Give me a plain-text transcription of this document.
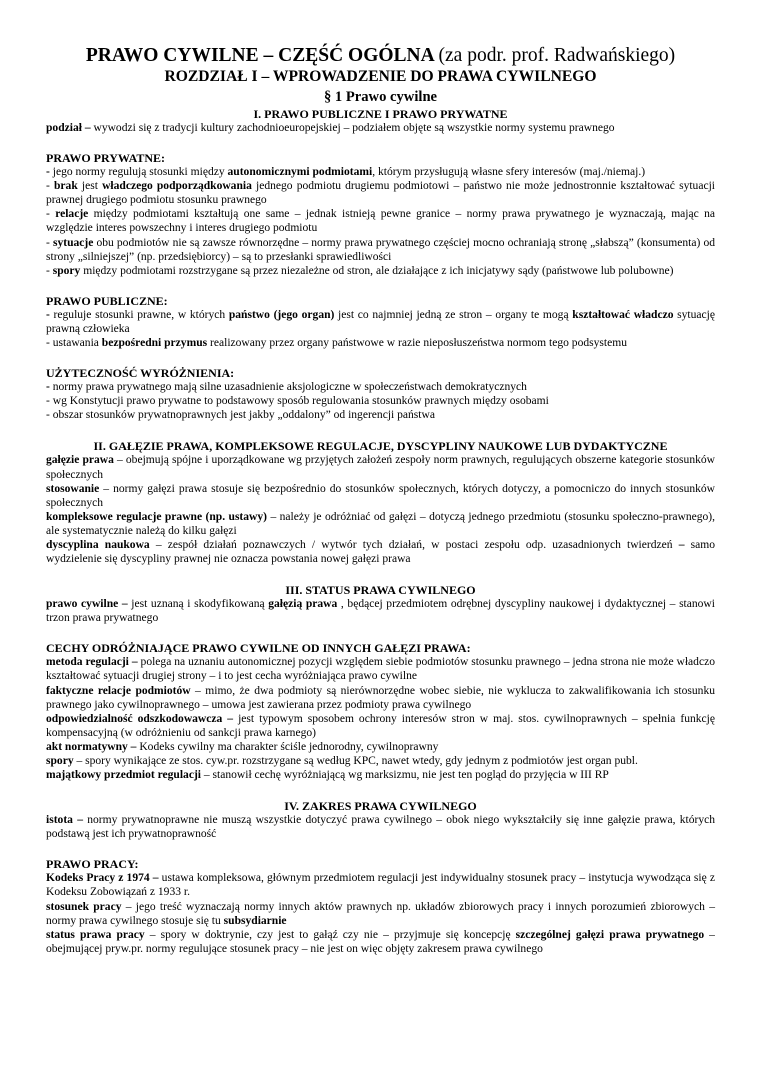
PRAWO CYWILNE – CZĘŚĆ OGÓLNA (za podr. prof. Radwańskiego)

ROZDZIAŁ I – WPROWADZENIE DO PRAWA CYWILNEGO

§ 1 Prawo cywilne

I. PRAWO PUBLICZNE I PRAWO PRYWATNE

podział – wywodzi się z tradycji kultury zachodnioeuropejskiej – podziałem objęte są wszystkie normy systemu prawnego

PRAWO PRYWATNE:

- jego normy regulują stosunki między autonomicznymi podmiotami, którym przysługują własne sfery interesów (maj./niemaj.)

- brak jest władczego podporządkowania jednego podmiotu drugiemu podmiotowi – państwo nie może jednostronnie kształtować sytuacji prawnej drugiego podmiotu stosunku prawnego

- relacje między podmiotami kształtują one same – jednak istnieją pewne granice – normy prawa prywatnego je wyznaczają, mając na względzie interes powszechny i interes drugiego podmiotu

- sytuacje obu podmiotów nie są zawsze równorzędne – normy prawa prywatnego częściej mocno ochraniają stronę „słabszą” (konsumenta) od strony „silniejszej” (np. przedsiębiorcy) – są to przesłanki sprawiedliwości

- spory między podmiotami rozstrzygane są przez niezależne od stron, ale działające z ich inicjatywy sądy (państwowe lub polubowne)

PRAWO PUBLICZNE:

- reguluje stosunki prawne, w których państwo (jego organ) jest co najmniej jedną ze stron – organy te mogą kształtować władczo sytuację prawną człowieka

- ustawania bezpośredni przymus realizowany przez organy państwowe w razie nieposłuszeństwa normom tego podsystemu

UŻYTECZNOŚĆ WYRÓŻNIENIA:

- normy prawa prywatnego mają silne uzasadnienie aksjologiczne w społeczeństwach demokratycznych

- wg Konstytucji prawo prywatne to podstawowy sposób regulowania stosunków prawnych między osobami

- obszar stosunków prywatnoprawnych jest jakby „oddalony” od ingerencji państwa

II. GAŁĘZIE PRAWA, KOMPLEKSOWE REGULACJE, DYSCYPLINY NAUKOWE LUB DYDAKTYCZNE

gałęzie prawa – obejmują spójne i uporządkowane wg przyjętych założeń zespoły norm prawnych, regulujących obszerne kategorie stosunków społecznych

stosowanie – normy gałęzi prawa stosuje się bezpośrednio do stosunków społecznych, których dotyczy, a pomocniczo do innych stosunków społecznych

kompleksowe regulacje prawne (np. ustawy) – należy je odróżniać od gałęzi – dotyczą jednego przedmiotu (stosunku społeczno-prawnego), ale systematycznie należą do kilku gałęzi

dyscyplina naukowa – zespół działań poznawczych / wytwór tych działań, w postaci zespołu odp. uzasadnionych twierdzeń – samo wydzielenie się dyscypliny prawnej nie oznacza powstania nowej gałęzi prawa

III. STATUS PRAWA CYWILNEGO

prawo cywilne – jest uznaną i skodyfikowaną gałęzią prawa , będącej przedmiotem odrębnej dyscypliny naukowej i dydaktycznej – stanowi trzon prawa prywatnego

CECHY ODRÓŻNIAJĄCE PRAWO CYWILNE OD INNYCH GAŁĘZI PRAWA:

metoda regulacji – polega na uznaniu autonomicznej pozycji względem siebie podmiotów stosunku prawnego – jedna strona nie może władczo kształtować sytuacji drugiej strony – i to jest cecha wyróżniająca prawo cywilne

faktyczne relacje podmiotów – mimo, że dwa podmioty są nierównorzędne wobec siebie, nie wyklucza to zakwalifikowania ich stosunku prawnego jako cywilnoprawnego – umowa jest zawierana przez podmioty prawa cywilnego

odpowiedzialność odszkodowawcza – jest typowym sposobem ochrony interesów stron w maj. stos. cywilnoprawnych – spełnia funkcję kompensacyjną (w odróżnieniu od sankcji prawa karnego)

akt normatywny – Kodeks cywilny ma charakter ściśle jednorodny, cywilnoprawny

spory – spory wynikające ze stos. cyw.pr. rozstrzygane są według KPC, nawet wtedy, gdy jednym z podmiotów jest organ publ.

majątkowy przedmiot regulacji – stanowił cechę wyróżniającą wg marksizmu, nie jest ten pogląd do przyjęcia w III RP

IV. ZAKRES PRAWA CYWILNEGO

istota – normy prywatnoprawne nie muszą wszystkie dotyczyć prawa cywilnego – obok niego wykształciły się inne gałęzie prawa, których podstawą jest ich prywatnoprawność

PRAWO PRACY:

Kodeks Pracy z 1974 – ustawa kompleksowa, głównym przedmiotem regulacji jest indywidualny stosunek pracy – instytucja wywodząca się z Kodeksu Zobowiązań z 1933 r.

stosunek pracy – jego treść wyznaczają normy innych aktów prawnych np. układów zbiorowych pracy i innych porozumień zbiorowych – normy prawa cywilnego stosuje się tu subsydiarnie

status prawa pracy – spory w doktrynie, czy jest to gałąź czy nie – przyjmuje się koncepcję szczególnej gałęzi prawa prywatnego – obejmującej pryw.pr. normy regulujące stosunek pracy – nie jest on więc objęty zakresem prawa cywilnego
